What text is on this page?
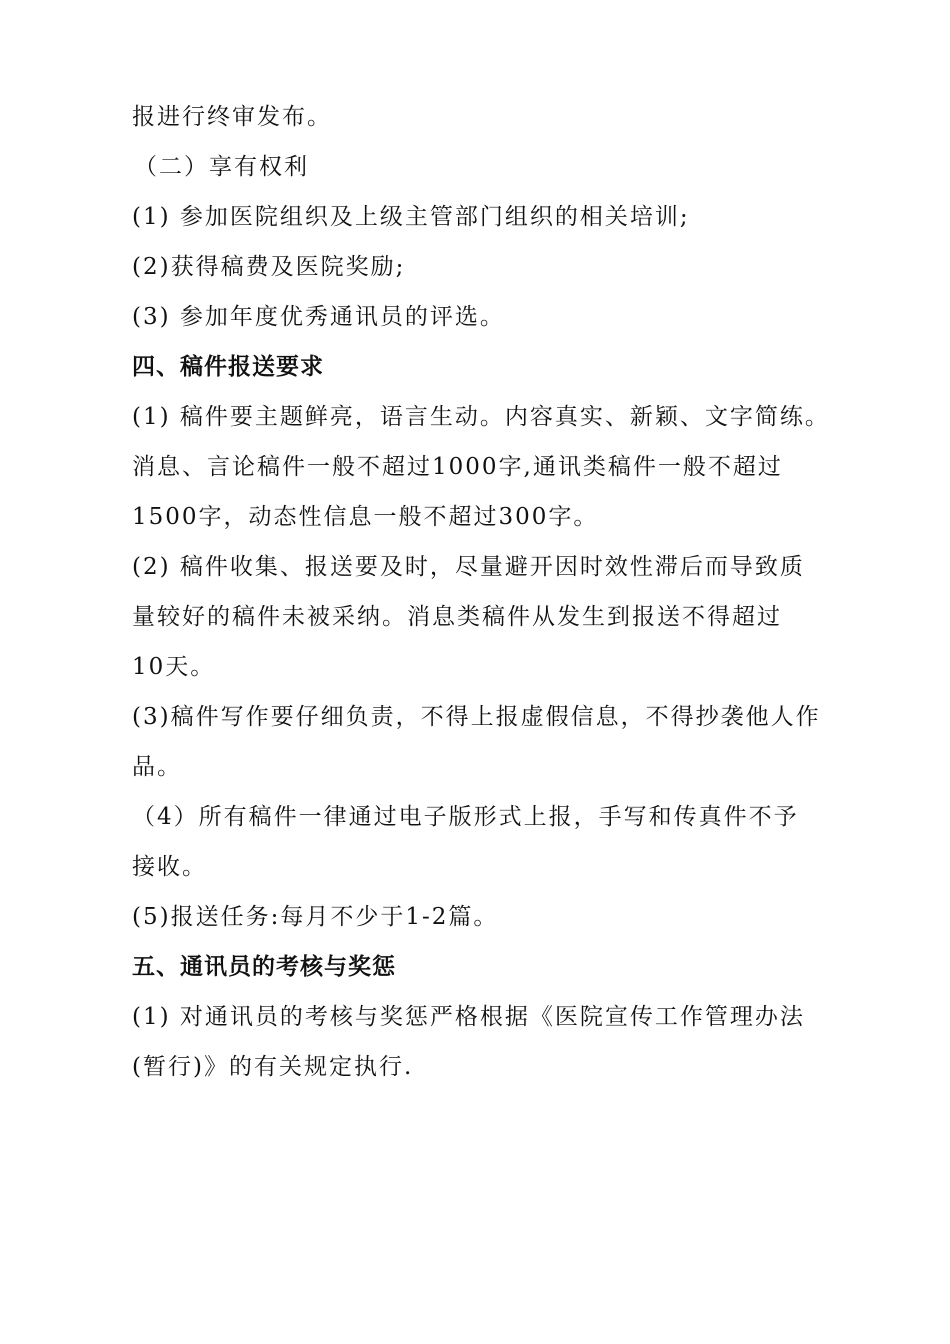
报进行终审发布。
（二）享有权利
(1) 参加医院组织及上级主管部门组织的相关培训;
(2)获得稿费及医院奖励;
(3) 参加年度优秀通讯员的评选。
四、稿件报送要求
(1) 稿件要主题鲜亮，语言生动。内容真实、新颖、文字简练。
消息、言论稿件一般不超过1000字,通讯类稿件一般不超过
1500字，动态性信息一般不超过300字。
(2) 稿件收集、报送要及时，尽量避开因时效性滞后而导致质
量较好的稿件未被采纳。消息类稿件从发生到报送不得超过
10天。
(3)稿件写作要仔细负责，不得上报虚假信息，不得抄袭他人作
品。
（4）所有稿件一律通过电子版形式上报，手写和传真件不予
接收。
(5)报送任务:每月不少于1-2篇。
五、通讯员的考核与奖惩
(1) 对通讯员的考核与奖惩严格根据《医院宣传工作管理办法
(暂行)》的有关规定执行.
